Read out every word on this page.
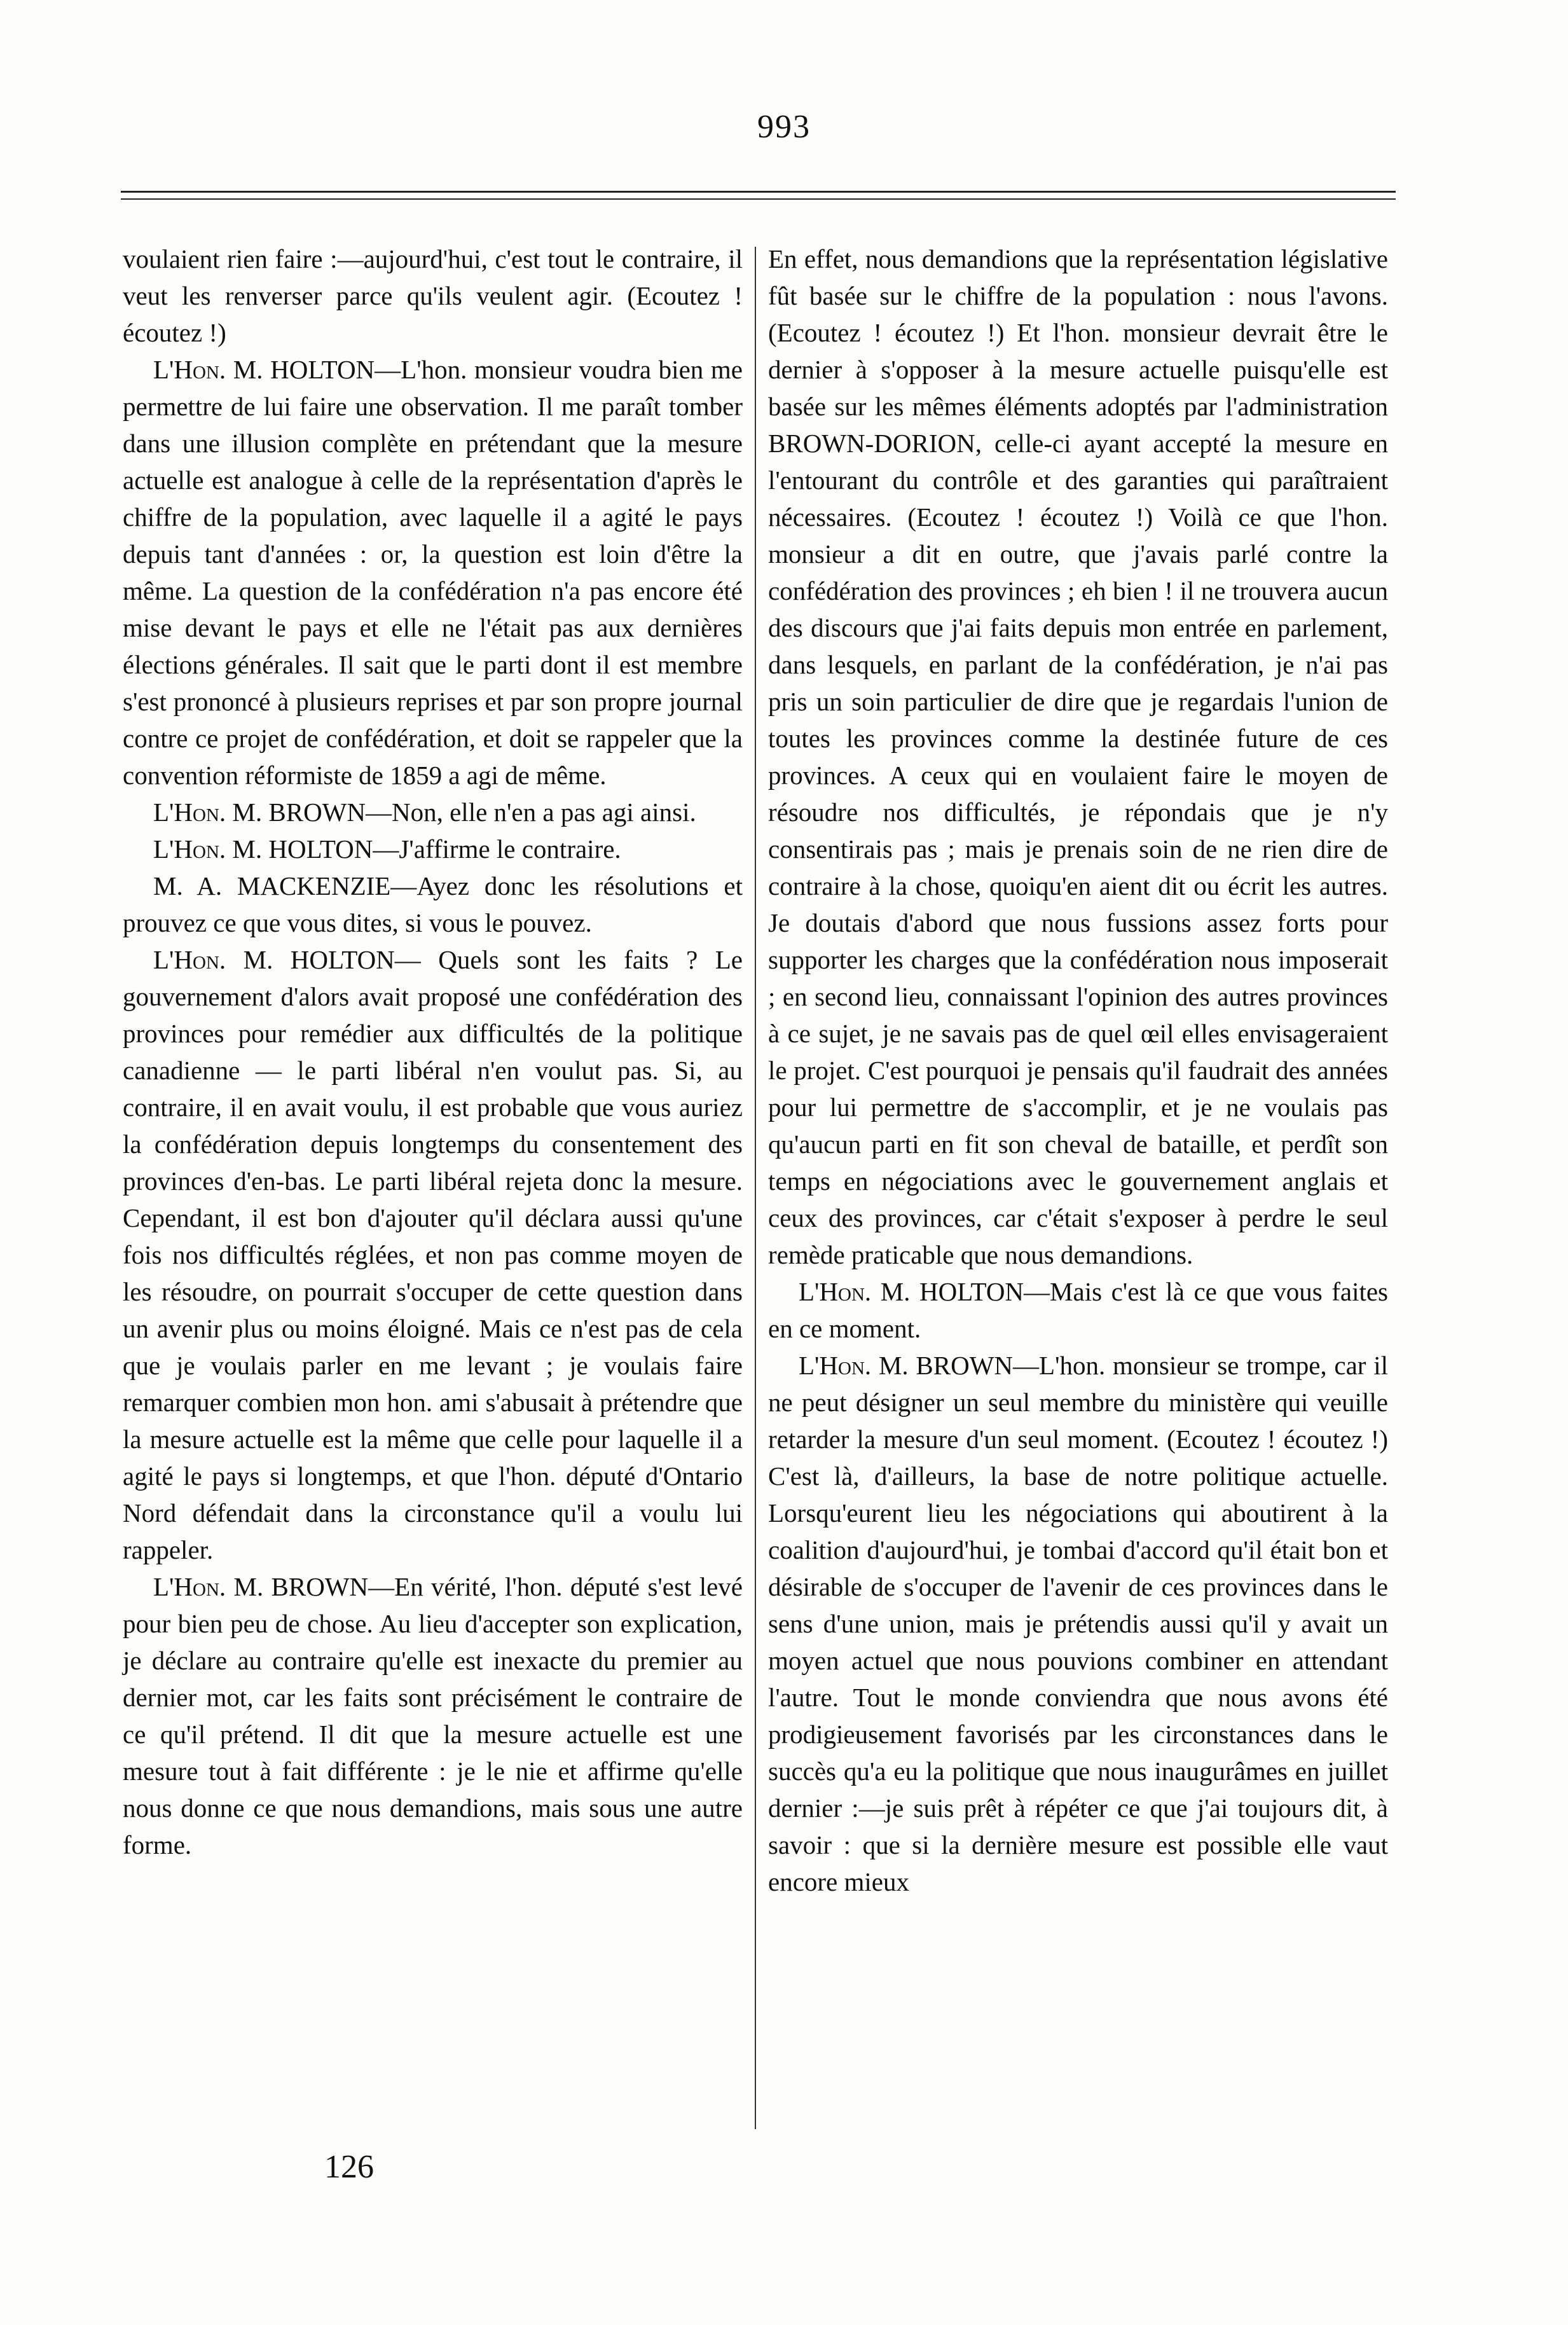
993

voulaient rien faire :—aujourd'hui, c'est tout le contraire, il veut les renverser parce qu'ils veulent agir. (Ecoutez ! écoutez !)

L'Hon. M. HOLTON—L'hon. monsieur voudra bien me permettre de lui faire une observation. Il me paraît tomber dans une illusion complète en prétendant que la mesure actuelle est analogue à celle de la représentation d'après le chiffre de la population, avec laquelle il a agité le pays depuis tant d'années : or, la question est loin d'être la même. La question de la confédération n'a pas encore été mise devant le pays et elle ne l'était pas aux dernières élections générales. Il sait que le parti dont il est membre s'est prononcé à plusieurs reprises et par son propre journal contre ce projet de confédération, et doit se rappeler que la convention réformiste de 1859 a agi de même.

L'Hon. M. BROWN—Non, elle n'en a pas agi ainsi.

L'Hon. M. HOLTON—J'affirme le contraire.

M. A. MACKENZIE—Ayez donc les résolutions et prouvez ce que vous dites, si vous le pouvez.

L'Hon. M. HOLTON— Quels sont les faits ? Le gouvernement d'alors avait proposé une confédération des provinces pour remédier aux difficultés de la politique canadienne — le parti libéral n'en voulut pas. Si, au contraire, il en avait voulu, il est probable que vous auriez la confédération depuis longtemps du consentement des provinces d'en-bas. Le parti libéral rejeta donc la mesure. Cependant, il est bon d'ajouter qu'il déclara aussi qu'une fois nos difficultés réglées, et non pas comme moyen de les résoudre, on pourrait s'occuper de cette question dans un avenir plus ou moins éloigné. Mais ce n'est pas de cela que je voulais parler en me levant ; je voulais faire remarquer combien mon hon. ami s'abusait à prétendre que la mesure actuelle est la même que celle pour laquelle il a agité le pays si longtemps, et que l'hon. député d'Ontario Nord défendait dans la circonstance qu'il a voulu lui rappeler.

L'Hon. M. BROWN—En vérité, l'hon. député s'est levé pour bien peu de chose. Au lieu d'accepter son explication, je déclare au contraire qu'elle est inexacte du premier au dernier mot, car les faits sont précisément le contraire de ce qu'il prétend. Il dit que la mesure actuelle est une mesure tout à fait différente : je le nie et affirme qu'elle nous donne ce que nous demandions, mais sous une autre forme.

En effet, nous demandions que la représentation législative fût basée sur le chiffre de la population : nous l'avons. (Ecoutez ! écoutez !) Et l'hon. monsieur devrait être le dernier à s'opposer à la mesure actuelle puisqu'elle est basée sur les mêmes éléments adoptés par l'administration BROWN-DORION, celle-ci ayant accepté la mesure en l'entourant du contrôle et des garanties qui paraîtraient nécessaires. (Ecoutez ! écoutez !) Voilà ce que l'hon. monsieur a dit en outre, que j'avais parlé contre la confédération des provinces ; eh bien ! il ne trouvera aucun des discours que j'ai faits depuis mon entrée en parlement, dans lesquels, en parlant de la confédération, je n'ai pas pris un soin particulier de dire que je regardais l'union de toutes les provinces comme la destinée future de ces provinces. A ceux qui en voulaient faire le moyen de résoudre nos difficultés, je répondais que je n'y consentirais pas ; mais je prenais soin de ne rien dire de contraire à la chose, quoiqu'en aient dit ou écrit les autres. Je doutais d'abord que nous fussions assez forts pour supporter les charges que la confédération nous imposerait ; en second lieu, connaissant l'opinion des autres provinces à ce sujet, je ne savais pas de quel œil elles envisageraient le projet. C'est pourquoi je pensais qu'il faudrait des années pour lui permettre de s'accomplir, et je ne voulais pas qu'aucun parti en fit son cheval de bataille, et perdît son temps en négociations avec le gouvernement anglais et ceux des provinces, car c'était s'exposer à perdre le seul remède praticable que nous demandions.

L'Hon. M. HOLTON—Mais c'est là ce que vous faites en ce moment.

L'Hon. M. BROWN—L'hon. monsieur se trompe, car il ne peut désigner un seul membre du ministère qui veuille retarder la mesure d'un seul moment. (Ecoutez ! écoutez !) C'est là, d'ailleurs, la base de notre politique actuelle. Lorsqu'eurent lieu les négociations qui aboutirent à la coalition d'aujourd'hui, je tombai d'accord qu'il était bon et désirable de s'occuper de l'avenir de ces provinces dans le sens d'une union, mais je prétendis aussi qu'il y avait un moyen actuel que nous pouvions combiner en attendant l'autre. Tout le monde conviendra que nous avons été prodigieusement favorisés par les circonstances dans le succès qu'a eu la politique que nous inaugurâmes en juillet dernier :—je suis prêt à répéter ce que j'ai toujours dit, à savoir : que si la dernière mesure est possible elle vaut encore mieux

126
